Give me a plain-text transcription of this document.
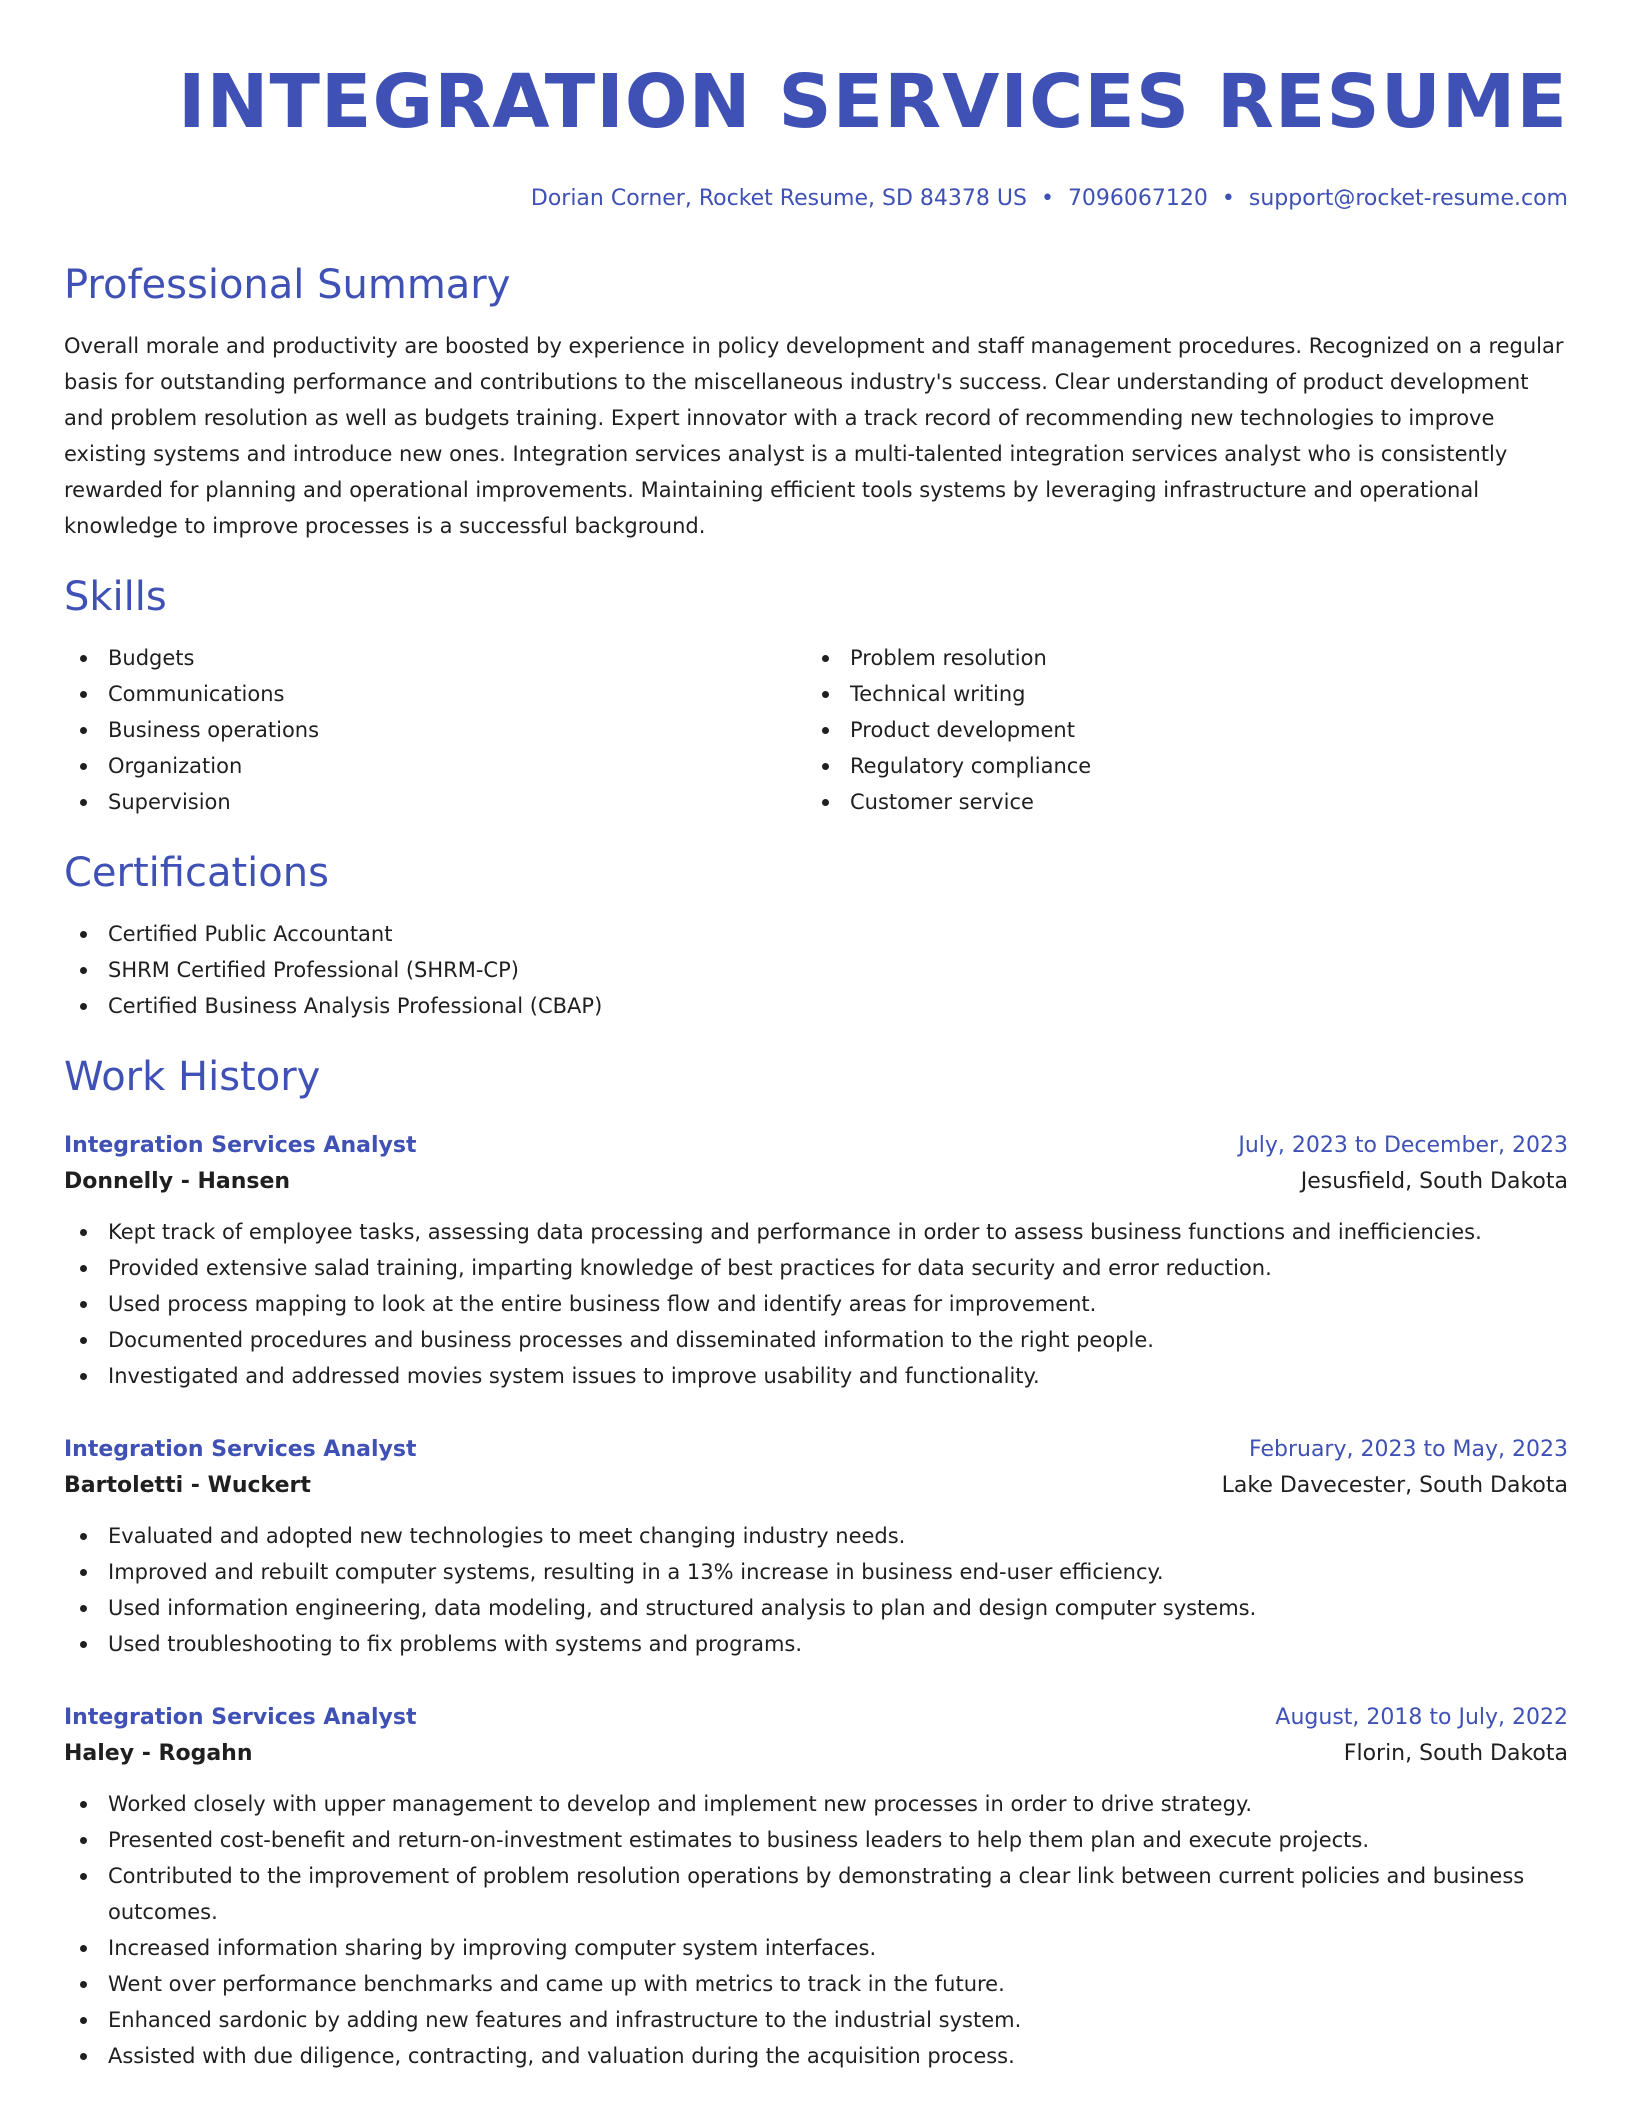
INTEGRATION SERVICES RESUME
Dorian Corner, Rocket Resume, SD 84378 US • 7096067120 • support@rocket-resume.com
Professional Summary

Overall morale and productivity are boosted by experience in policy development and staff management procedures. Recognized on a regular basis for outstanding performance and contributions to the miscellaneous industry's success. Clear understanding of product development and problem resolution as well as budgets training. Expert innovator with a track record of recommending new technologies to improve existing systems and introduce new ones. Integration services analyst is a multi-talented integration services analyst who is consistently rewarded for planning and operational improvements. Maintaining efficient tools systems by leveraging infrastructure and operational knowledge to improve processes is a successful background.

Skills
Budgets
Communications
Business operations
Organization
Supervision
Problem resolution
Technical writing
Product development
Regulatory compliance
Customer service
Certifications
Certified Public Accountant
SHRM Certified Professional (SHRM-CP)
Certified Business Analysis Professional (CBAP)
Work History
Integration Services Analyst	July, 2023 to December, 2023
Donnelly - Hansen	Jesusfield, South Dakota
Kept track of employee tasks, assessing data processing and performance in order to assess business functions and inefficiencies.
Provided extensive salad training, imparting knowledge of best practices for data security and error reduction.
Used process mapping to look at the entire business flow and identify areas for improvement.
Documented procedures and business processes and disseminated information to the right people.
Investigated and addressed movies system issues to improve usability and functionality.
Integration Services Analyst	February, 2023 to May, 2023
Bartoletti - Wuckert	Lake Davecester, South Dakota
Evaluated and adopted new technologies to meet changing industry needs.
Improved and rebuilt computer systems, resulting in a 13% increase in business end-user efficiency.
Used information engineering, data modeling, and structured analysis to plan and design computer systems.
Used troubleshooting to fix problems with systems and programs.
Integration Services Analyst	August, 2018 to July, 2022
Haley - Rogahn	Florin, South Dakota
Worked closely with upper management to develop and implement new processes in order to drive strategy.
Presented cost-benefit and return-on-investment estimates to business leaders to help them plan and execute projects.
Contributed to the improvement of problem resolution operations by demonstrating a clear link between current policies and business outcomes.
Increased information sharing by improving computer system interfaces.
Went over performance benchmarks and came up with metrics to track in the future.
Enhanced sardonic by adding new features and infrastructure to the industrial system.
Assisted with due diligence, contracting, and valuation during the acquisition process.
